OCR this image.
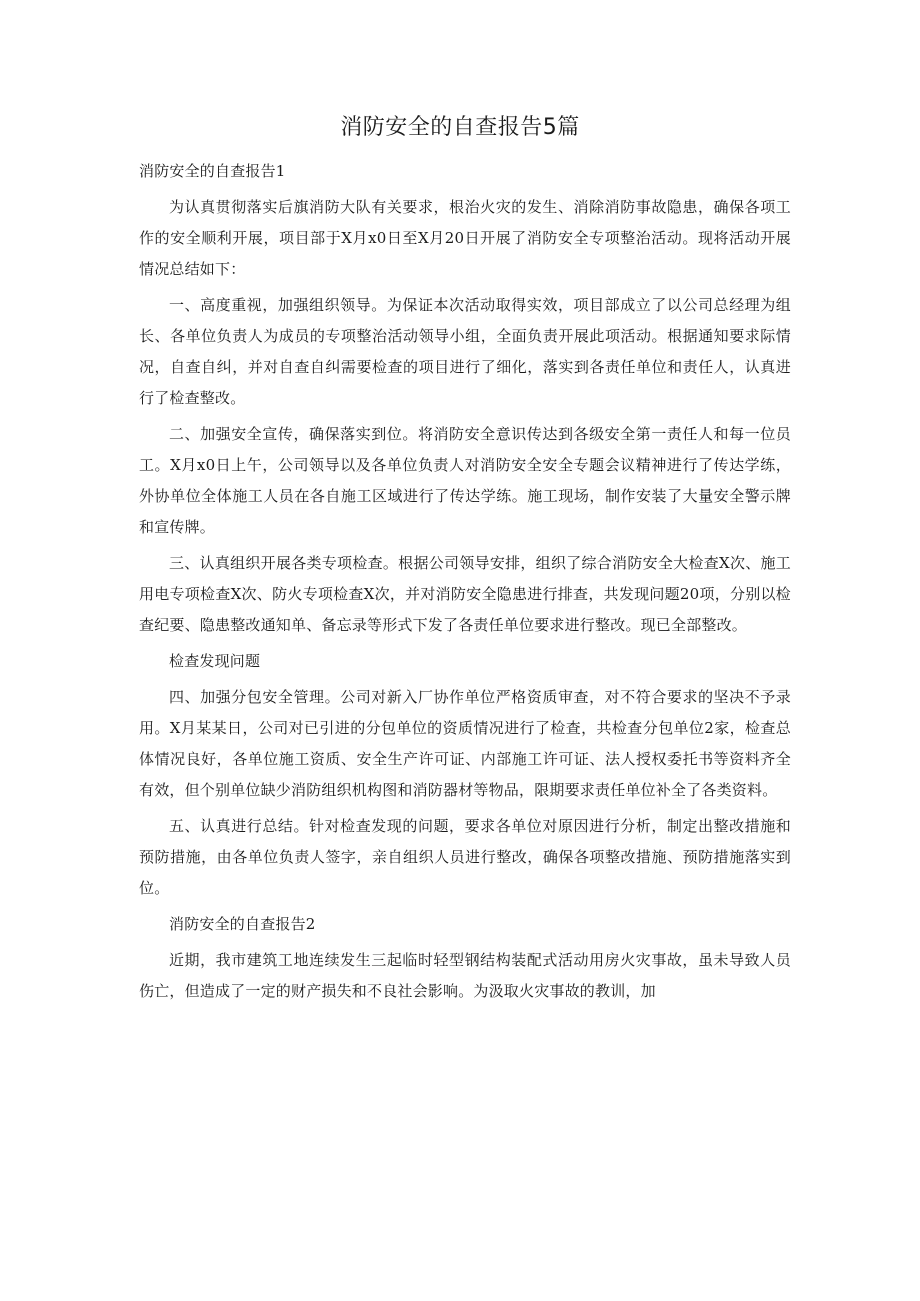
消防安全的自查报告5篇

消防安全的自查报告1

为认真贯彻落实后旗消防大队有关要求，根治火灾的发生、消除消防事故隐患，确保各项工作的安全顺利开展，项目部于X月x0日至X月20日开展了消防安全专项整治活动。现将活动开展情况总结如下：

一、高度重视，加强组织领导。为保证本次活动取得实效，项目部成立了以公司总经理为组长、各单位负责人为成员的专项整治活动领导小组，全面负责开展此项活动。根据通知要求际情况，自查自纠，并对自查自纠需要检查的项目进行了细化，落实到各责任单位和责任人，认真进行了检查整改。

二、加强安全宣传，确保落实到位。将消防安全意识传达到各级安全第一责任人和每一位员工。X月x0日上午，公司领导以及各单位负责人对消防安全安全专题会议精神进行了传达学练，外协单位全体施工人员在各自施工区域进行了传达学练。施工现场，制作安装了大量安全警示牌和宣传牌。

三、认真组织开展各类专项检查。根据公司领导安排，组织了综合消防安全大检查X次、施工用电专项检查X次、防火专项检查X次，并对消防安全隐患进行排查，共发现问题20项，分别以检查纪要、隐患整改通知单、备忘录等形式下发了各责任单位要求进行整改。现已全部整改。

检查发现问题

四、加强分包安全管理。公司对新入厂协作单位严格资质审查，对不符合要求的坚决不予录用。X月某某日，公司对已引进的分包单位的资质情况进行了检查，共检查分包单位2家，检查总体情况良好，各单位施工资质、安全生产许可证、内部施工许可证、法人授权委托书等资料齐全有效，但个别单位缺少消防组织机构图和消防器材等物品，限期要求责任单位补全了各类资料。

五、认真进行总结。针对检查发现的问题，要求各单位对原因进行分析，制定出整改措施和预防措施，由各单位负责人签字，亲自组织人员进行整改，确保各项整改措施、预防措施落实到位。

消防安全的自查报告2

近期，我市建筑工地连续发生三起临时轻型钢结构装配式活动用房火灾事故，虽未导致人员伤亡，但造成了一定的财产损失和不良社会影响。为汲取火灾事故的教训，加
